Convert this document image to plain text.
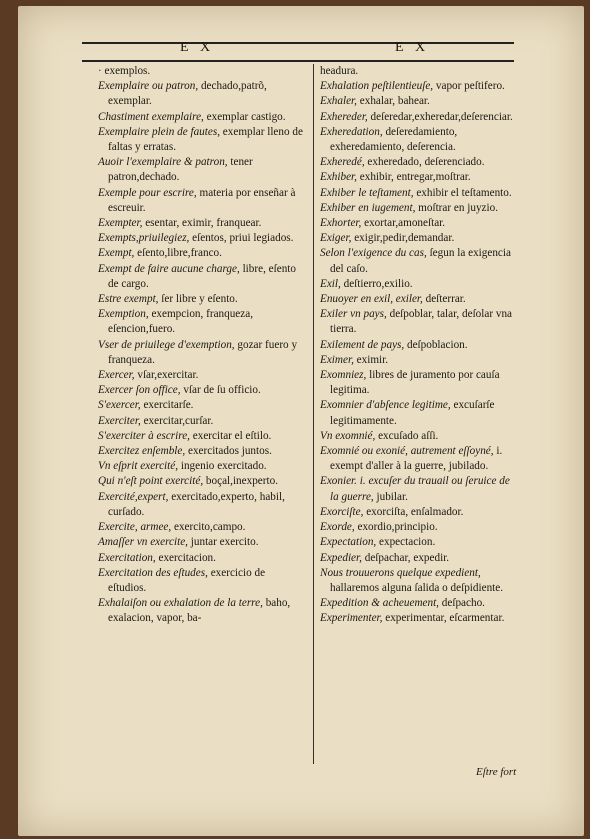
E X	E X

· exemplos.

Exemplaire ou patron, dechado,patrõ, exemplar.

Chastiment exemplaire, exemplar castigo.

Exemplaire plein de fautes, exemplar lleno de faltas y erratas.

Auoir l'exemplaire & patron, tener patron,dechado.

Exemple pour escrire, materia por enseñar à escreuir.

Exempter, esentar, eximir, franquear.

Exempts,priuilegiez, eſentos, priui legiados.

Exempt, eſento,libre,franco.

Exempt de faire aucune charge, libre, eſento de cargo.

Estre exempt, ſer libre y eſento.

Exemption, exempcion, franqueza, eſencion,fuero.

Vser de priuilege d'exemption, gozar fuero y franqueza.

Exercer, vſar,exercitar.

Exercer ſon office, vſar de ſu officio.

S'exercer, exercitarſe.

Exerciter, exercitar,curſar.

S'exerciter à escrire, exercitar el eſtilo.

Exercitez enſemble, exercitados juntos.

Vn eſprit exercité, ingenio exercitado.

Qui n'eſt point exercité, boçal,inexperto.

Exercité,expert, exercitado,experto, habil, curſado.

Exercite, armee, exercito,campo.

Amaſſer vn exercite, juntar exercito.

Exercitation, exercitacion.

Exercitation des eſtudes, exercicio de eſtudios.

Exhalaiſon ou exhalation de la terre, baho, exalacion, vapor, ba-

headura.

Exhalation peſtilentieuſe, vapor peſtifero.

Exhaler, exhalar, bahear.

Exhereder, deſeredar,exheredar,deſerenciar.

Exheredation, deſeredamiento, exheredamiento, deſerencia.

Exheredé, exheredado, deſerenciado.

Exhiber, exhibir, entregar,moſtrar.

Exhiber le teſtament, exhibir el teſtamento.

Exhiber en iugement, moſtrar en juyzio.

Exhorter, exortar,amoneſtar.

Exiger, exigir,pedir,demandar.

Selon l'exigence du cas, ſegun la exigencia del caſo.

Exil, deſtierro,exilio.

Enuoyer en exil, exiler, deſterrar.

Exiler vn pays, deſpoblar, talar, deſolar vna tierra.

Exilement de pays, deſpoblacion.

Eximer, eximir.

Exomniez, libres de juramento por cauſa legitima.

Exomnier d'abſence legitime, excuſarſe legitimamente.

Vn exomnié, excuſado aſſi.

Exomnié ou exonié, autrement eſſoyné, i. exempt d'aller à la guerre, jubilado.

Exonier. i. excuſer du trauail ou ſeruice de la guerre, jubilar.

Exorciſte, exorciſta, enſalmador.

Exorde, exordio,principio.

Expectation, expectacion.

Expedier, deſpachar, expedir.

Nous trouuerons quelque expedient, hallaremos alguna ſalida o deſpidiente.

Expedition & acheuement, deſpacho.

Experimenter, experimentar, eſcarmentar.

Eſtre fort
